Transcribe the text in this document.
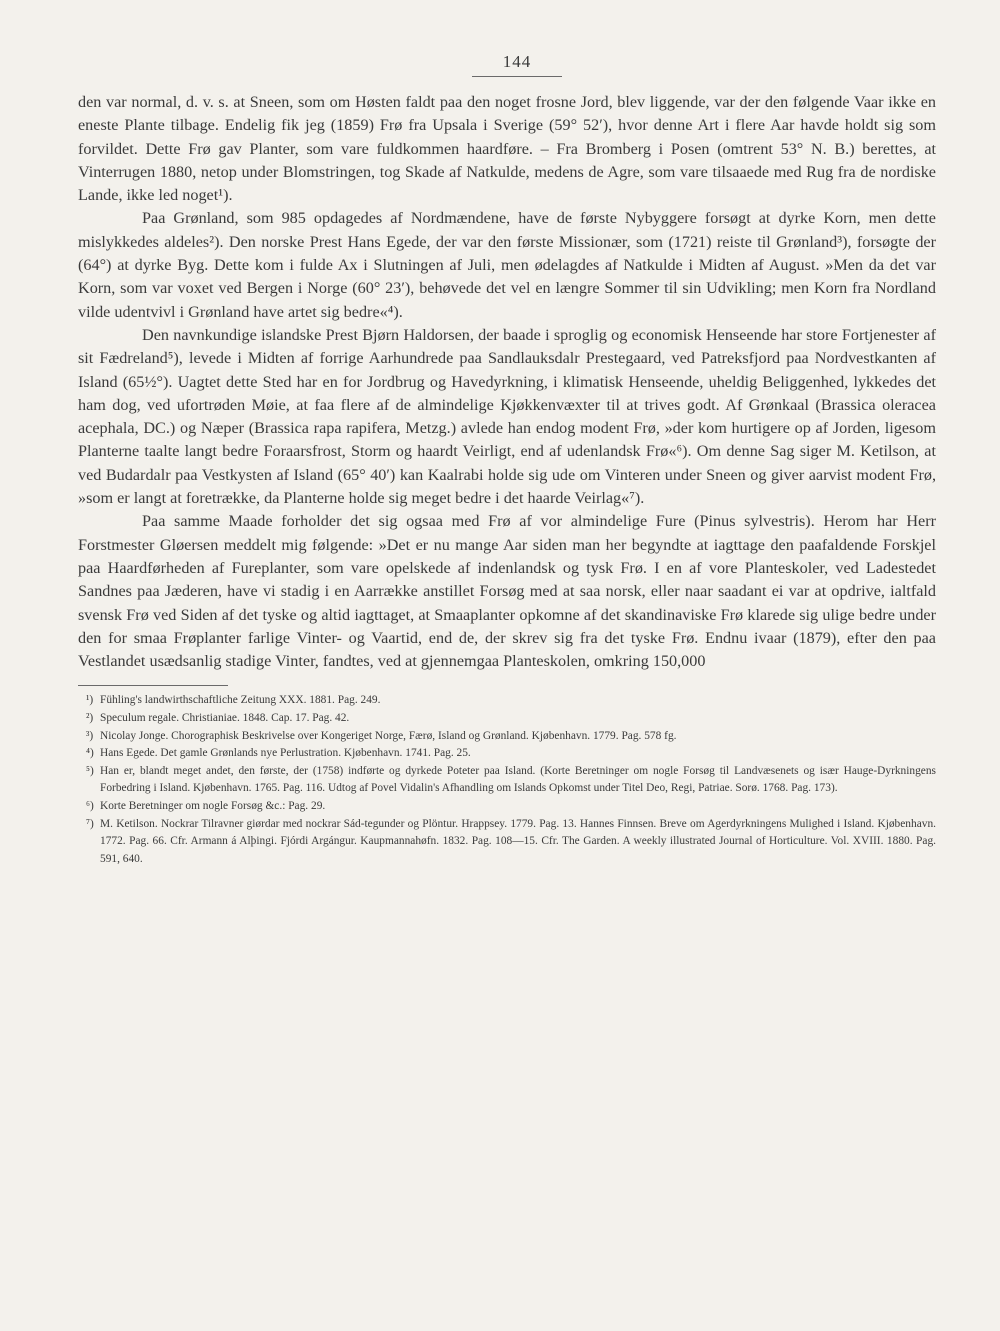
144

den var normal, d. v. s. at Sneen, som om Høsten faldt paa den noget frosne Jord, blev liggende, var der den følgende Vaar ikke en eneste Plante tilbage. Endelig fik jeg (1859) Frø fra Upsala i Sverige (59° 52′), hvor denne Art i flere Aar havde holdt sig som forvildet. Dette Frø gav Planter, som vare fuldkommen haardføre. – Fra Bromberg i Posen (omtrent 53° N. B.) berettes, at Vinterrugen 1880, netop under Blomstringen, tog Skade af Natkulde, medens de Agre, som vare tilsaaede med Rug fra de nordiske Lande, ikke led noget¹).

Paa Grønland, som 985 opdagedes af Nordmændene, have de første Nybyggere forsøgt at dyrke Korn, men dette mislykkedes aldeles²). Den norske Prest Hans Egede, der var den første Missionær, som (1721) reiste til Grønland³), forsøgte der (64°) at dyrke Byg. Dette kom i fulde Ax i Slutningen af Juli, men ødelagdes af Natkulde i Midten af August. »Men da det var Korn, som var voxet ved Bergen i Norge (60° 23′), behøvede det vel en længre Sommer til sin Udvikling; men Korn fra Nordland vilde udentvivl i Grønland have artet sig bedre«⁴).

Den navnkundige islandske Prest Bjørn Haldorsen, der baade i sproglig og economisk Henseende har store Fortjenester af sit Fædreland⁵), levede i Midten af forrige Aarhundrede paa Sandlauksdalr Prestegaard, ved Patreksfjord paa Nordvestkanten af Island (65½°). Uagtet dette Sted har en for Jordbrug og Havedyrkning, i klimatisk Henseende, uheldig Beliggenhed, lykkedes det ham dog, ved ufortrøden Møie, at faa flere af de almindelige Kjøkkenvæxter til at trives godt. Af Grønkaal (Brassica oleracea acephala, DC.) og Næper (Brassica rapa rapifera, Metzg.) avlede han endog modent Frø, »der kom hurtigere op af Jorden, ligesom Planterne taalte langt bedre Foraarsfrost, Storm og haardt Veirligt, end af udenlandsk Frø«⁶). Om denne Sag siger M. Ketilson, at ved Budardalr paa Vestkysten af Island (65° 40′) kan Kaalrabi holde sig ude om Vinteren under Sneen og giver aarvist modent Frø, »som er langt at foretrække, da Planterne holde sig meget bedre i det haarde Veirlag«⁷).

Paa samme Maade forholder det sig ogsaa med Frø af vor almindelige Fure (Pinus sylvestris). Herom har Herr Forstmester Gløersen meddelt mig følgende: »Det er nu mange Aar siden man her begyndte at iagttage den paafaldende Forskjel paa Haardførheden af Fureplanter, som vare opelskede af indenlandsk og tysk Frø. I en af vore Planteskoler, ved Ladestedet Sandnes paa Jæderen, have vi stadig i en Aarrække anstillet Forsøg med at saa norsk, eller naar saadant ei var at opdrive, ialtfald svensk Frø ved Siden af det tyske og altid iagttaget, at Smaaplanter opkomne af det skandinaviske Frø klarede sig ulige bedre under den for smaa Frøplanter farlige Vinter- og Vaartid, end de, der skrev sig fra det tyske Frø. Endnu ivaar (1879), efter den paa Vestlandet usædsanlig stadige Vinter, fandtes, ved at gjennemgaa Planteskolen, omkring 150,000

¹) Fühling's landwirthschaftliche Zeitung XXX. 1881. Pag. 249.
²) Speculum regale. Christianiae. 1848. Cap. 17. Pag. 42.
³) Nicolay Jonge. Chorographisk Beskrivelse over Kongeriget Norge, Færø, Island og Grønland. Kjøbenhavn. 1779. Pag. 578 fg.
⁴) Hans Egede. Det gamle Grønlands nye Perlustration. Kjøbenhavn. 1741. Pag. 25.
⁵) Han er, blandt meget andet, den første, der (1758) indførte og dyrkede Poteter paa Island. (Korte Beretninger om nogle Forsøg til Landvæsenets og især Hauge-Dyrkningens Forbedring i Island. Kjøbenhavn. 1765. Pag. 116. Udtog af Povel Vidalin's Afhandling om Islands Opkomst under Titel Deo, Regi, Patriae. Sorø. 1768. Pag. 173).
⁶) Korte Beretninger om nogle Forsøg &c.: Pag. 29.
⁷) M. Ketilson. Nockrar Tilravner giørdar med nockrar Sád-tegunder og Plöntur. Hrappsey. 1779. Pag. 13. Hannes Finnsen. Breve om Agerdyrkningens Mulighed i Island. Kjøbenhavn. 1772. Pag. 66. Cfr. Armann á Alþingi. Fjórdi Argángur. Kaupmannahøfn. 1832. Pag. 108—15. Cfr. The Garden. A weekly illustrated Journal of Horticulture. Vol. XVIII. 1880. Pag. 591, 640.
